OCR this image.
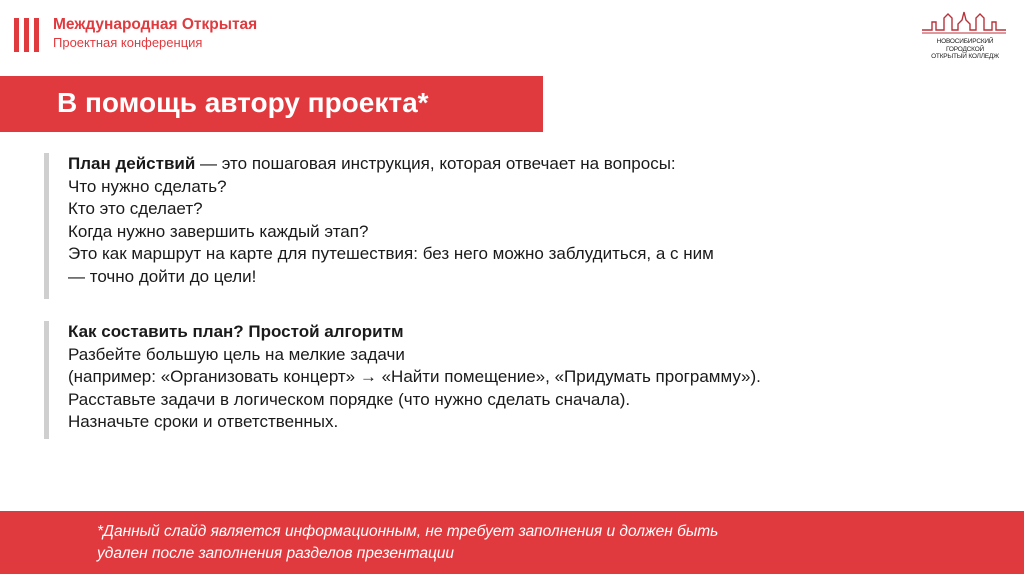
Международная Открытая
Проектная конференция	НОВОСИБИРСКИЙ ГОРОДСКОЙ
ОТКРЫТЫЙ КОЛЛЕДЖ
В помощь автору проекта*
План действий — это пошаговая инструкция, которая отвечает на вопросы:
Что нужно сделать?
Кто это сделает?
Когда нужно завершить каждый этап?
Это как маршрут на карте для путешествия: без него можно заблудиться, а с ним
— точно дойти до цели!
Как составить план? Простой алгоритм
Разбейте большую цель на мелкие задачи
(например: «Организовать концерт» → «Найти помещение», «Придумать программу»).
Расставьте задачи в логическом порядке (что нужно сделать сначала).
Назначьте сроки и ответственных.
*Данный слайд является информационным, не требует заполнения и должен быть
удален после заполнения разделов презентации
